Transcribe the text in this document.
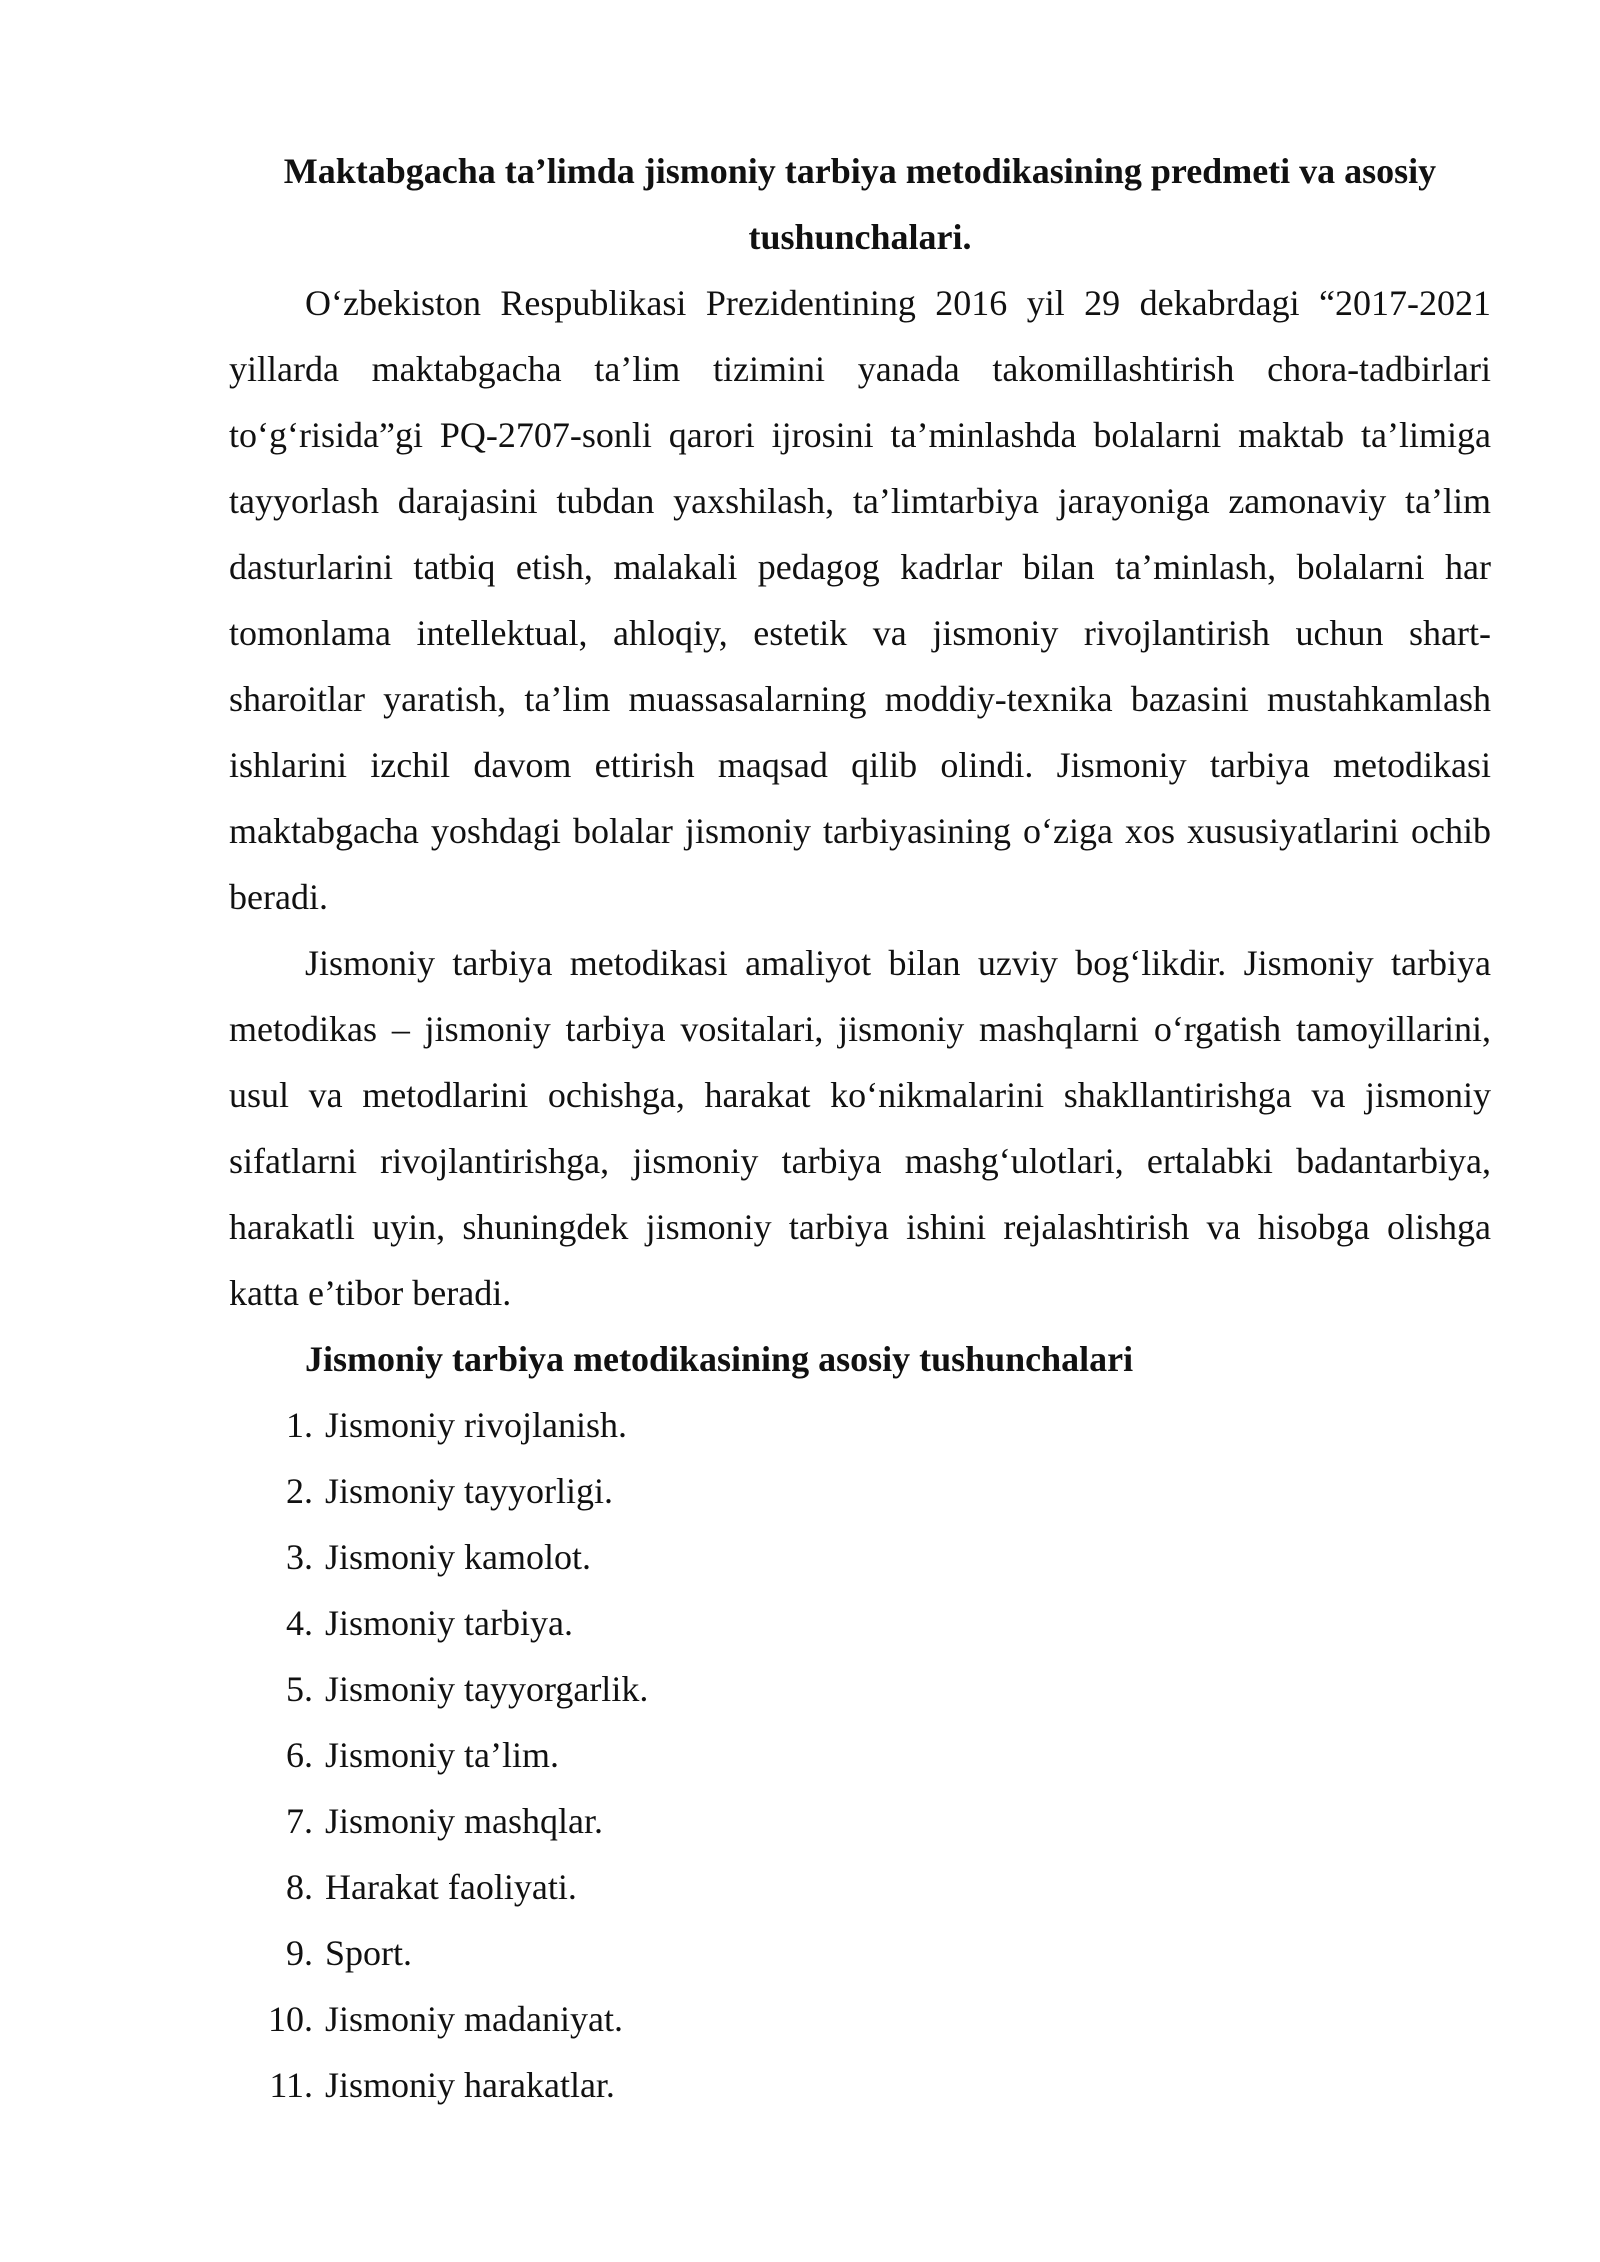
Maktabgacha ta’limda jismoniy tarbiya metodikasining predmeti va asosiy tushunchalari.

O‘zbekiston Respublikasi Prezidentining 2016 yil 29 dekabrdagi “2017-2021 yillarda maktabgacha ta’lim tizimini yanada takomillashtirish chora-tadbirlari to‘g‘risida”gi PQ-2707-sonli qarori ijrosini ta’minlashda bolalarni maktab ta’limiga tayyorlash darajasini tubdan yaxshilash, ta’limtarbiya jarayoniga zamonaviy ta’lim dasturlarini tatbiq etish, malakali pedagog kadrlar bilan ta’minlash, bolalarni har tomonlama intellektual, ahloqiy, estetik va jismoniy rivojlantirish uchun shart-sharoitlar yaratish, ta’lim muassasalarning moddiy-texnika bazasini mustahkamlash ishlarini izchil davom ettirish maqsad qilib olindi. Jismoniy tarbiya metodikasi maktabgacha yoshdagi bolalar jismoniy tarbiyasining o‘ziga xos xususiyatlarini ochib beradi.

Jismoniy tarbiya metodikasi amaliyot bilan uzviy bog‘likdir. Jismoniy tarbiya metodikas – jismoniy tarbiya vositalari, jismoniy mashqlarni o‘rgatish tamoyillarini, usul va metodlarini ochishga, harakat ko‘nikmalarini shakllantirishga va jismoniy sifatlarni rivojlantirishga, jismoniy tarbiya mashg‘ulotlari, ertalabki badantarbiya, harakatli uyin, shuningdek jismoniy tarbiya ishini rejalashtirish va hisobga olishga katta e’tibor beradi.

Jismoniy tarbiya metodikasining asosiy tushunchalari

1. Jismoniy rivojlanish.
2. Jismoniy tayyorligi.
3. Jismoniy kamolot.
4. Jismoniy tarbiya.
5. Jismoniy tayyorgarlik.
6. Jismoniy ta’lim.
7. Jismoniy mashqlar.
8. Harakat faoliyati.
9. Sport.
10. Jismoniy madaniyat.
11. Jismoniy harakatlar.
